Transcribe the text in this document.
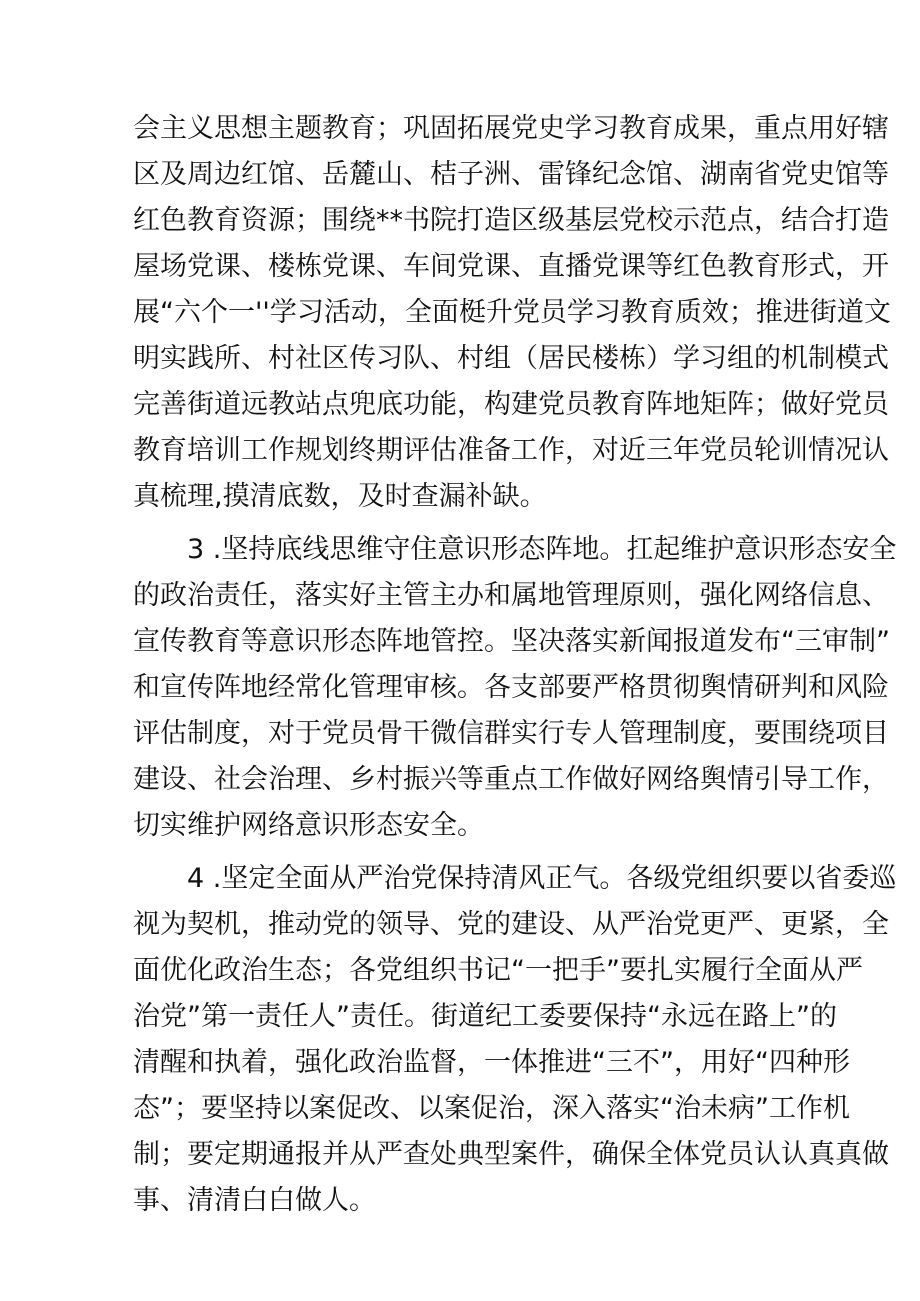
会主义思想主题教育；巩固拓展党史学习教育成果，重点用好辖
区及周边红馆、岳麓山、桔子洲、雷锋纪念馆、湖南省党史馆等
红色教育资源；围绕**书院打造区级基层党校示范点，结合打造
屋场党课、楼栋党课、车间党课、直播党课等红色教育形式，开
展“六个一''学习活动，全面梃升党员学习教育质效；推进街道文
明实践所、村社区传习队、村组（居民楼栋）学习组的机制模式
完善街道远教站点兜底功能，构建党员教育阵地矩阵；做好党员
教育培训工作规划终期评估准备工作，对近三年党员轮训情况认
真梳理,摸清底数，及时查漏补缺。
3 .坚持底线思维守住意识形态阵地。扛起维护意识形态安全
的政治责任，落实好主管主办和属地管理原则，强化网络信息、
宣传教育等意识形态阵地管控。坚决落实新闻报道发布“三审制”
和宣传阵地经常化管理审核。各支部要严格贯彻舆情研判和风险
评估制度，对于党员骨干微信群实行专人管理制度，要围绕项目
建设、社会治理、乡村振兴等重点工作做好网络舆情引导工作，
切实维护网络意识形态安全。
4 .坚定全面从严治党保持清风正气。各级党组织要以省委巡
视为契机，推动党的领导、党的建设、从严治党更严、更紧，全
面优化政治生态；各党组织书记“一把手”要扎实履行全面从严
治党”第一责任人”责任。街道纪工委要保持“永远在路上”的
清醒和执着，强化政治监督，一体推进“三不”，用好“四种形
态”；要坚持以案促改、以案促治，深入落实“治未病”工作机
制；要定期通报并从严查处典型案件，确保全体党员认认真真做
事、清清白白做人。
